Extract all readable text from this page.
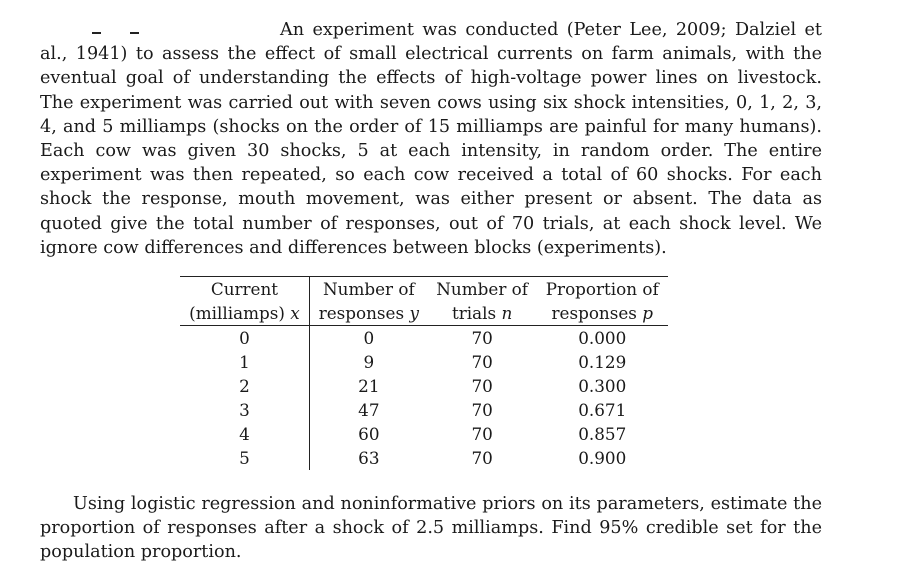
An experiment was conducted (Peter Lee, 2009; Dalziel et al., 1941) to assess the effect of small electrical currents on farm animals, with the eventual goal of understanding the effects of high-voltage power lines on livestock. The experiment was carried out with seven cows using six shock intensities, 0, 1, 2, 3, 4, and 5 milliamps (shocks on the order of 15 milliamps are painful for many humans). Each cow was given 30 shocks, 5 at each intensity, in random order. The entire experiment was then repeated, so each cow received a total of 60 shocks. For each shock the response, mouth movement, was either present or absent. The data as quoted give the total number of responses, out of 70 trials, at each shock level. We ignore cow differences and differences between blocks (experiments).

Current	Number of	Number of	Proportion of
(milliamps) x	responses y	trials n	responses p
0	0	70	0.000
1	9	70	0.129
2	21	70	0.300
3	47	70	0.671
4	60	70	0.857
5	63	70	0.900

Using logistic regression and noninformative priors on its parameters, estimate the proportion of responses after a shock of 2.5 milliamps. Find 95% credible set for the population proportion.
